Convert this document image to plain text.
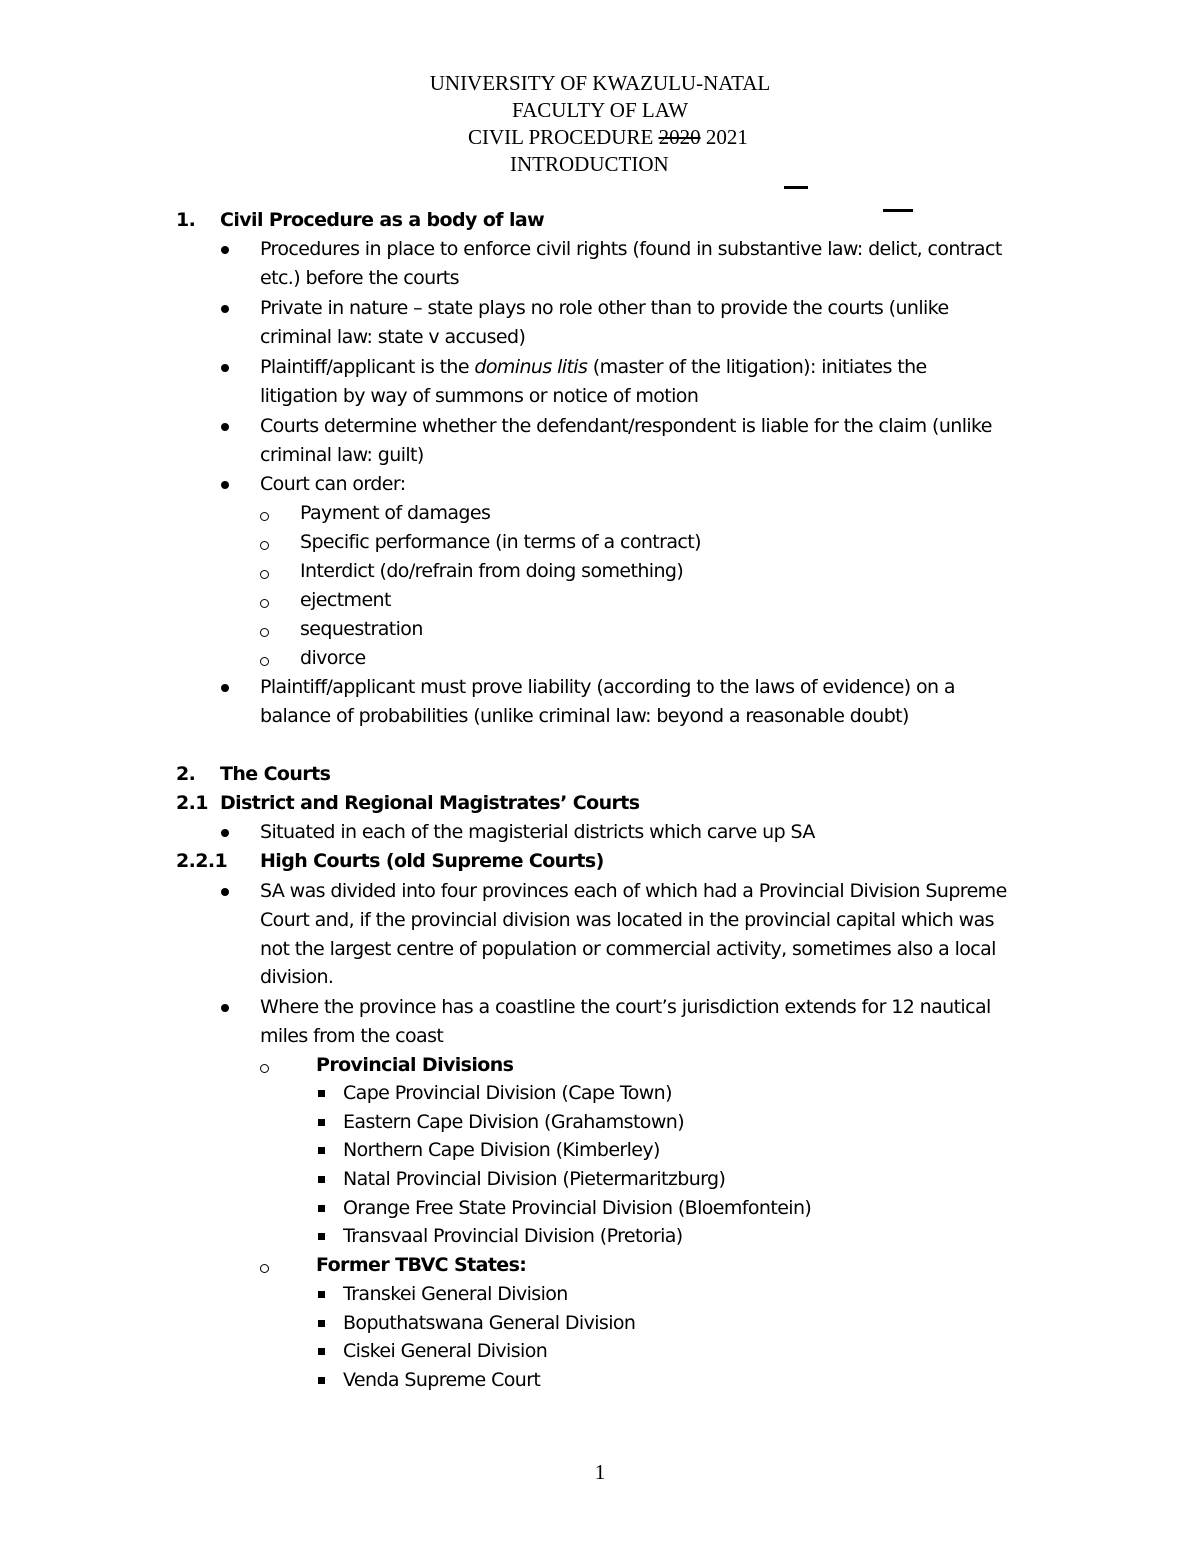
UNIVERSITY OF KWAZULU-NATAL
FACULTY OF LAW
CIVIL PROCEDURE 2020 2021
INTRODUCTION
1. Civil Procedure as a body of law
Procedures in place to enforce civil rights (found in substantive law: delict, contract
etc.) before the courts
Private in nature – state plays no role other than to provide the courts (unlike
criminal law: state v accused)
Plaintiff/applicant is the dominus litis (master of the litigation): initiates the
litigation by way of summons or notice of motion
Courts determine whether the defendant/respondent is liable for the claim (unlike
criminal law: guilt)
Court can order:
Payment of damages
Specific performance (in terms of a contract)
Interdict (do/refrain from doing something)
ejectment
sequestration
divorce
Plaintiff/applicant must prove liability (according to the laws of evidence) on a
balance of probabilities (unlike criminal law: beyond a reasonable doubt)
2. The Courts
2.1 District and Regional Magistrates’ Courts
Situated in each of the magisterial districts which carve up SA
2.2.1 High Courts (old Supreme Courts)
SA was divided into four provinces each of which had a Provincial Division Supreme
Court and, if the provincial division was located in the provincial capital which was
not the largest centre of population or commercial activity, sometimes also a local
division.
Where the province has a coastline the court’s jurisdiction extends for 12 nautical
miles from the coast
Provincial Divisions
Cape Provincial Division (Cape Town)
Eastern Cape Division (Grahamstown)
Northern Cape Division (Kimberley)
Natal Provincial Division (Pietermaritzburg)
Orange Free State Provincial Division (Bloemfontein)
Transvaal Provincial Division (Pretoria)
Former TBVC States:
Transkei General Division
Boputhatswana General Division
Ciskei General Division
Venda Supreme Court
1
